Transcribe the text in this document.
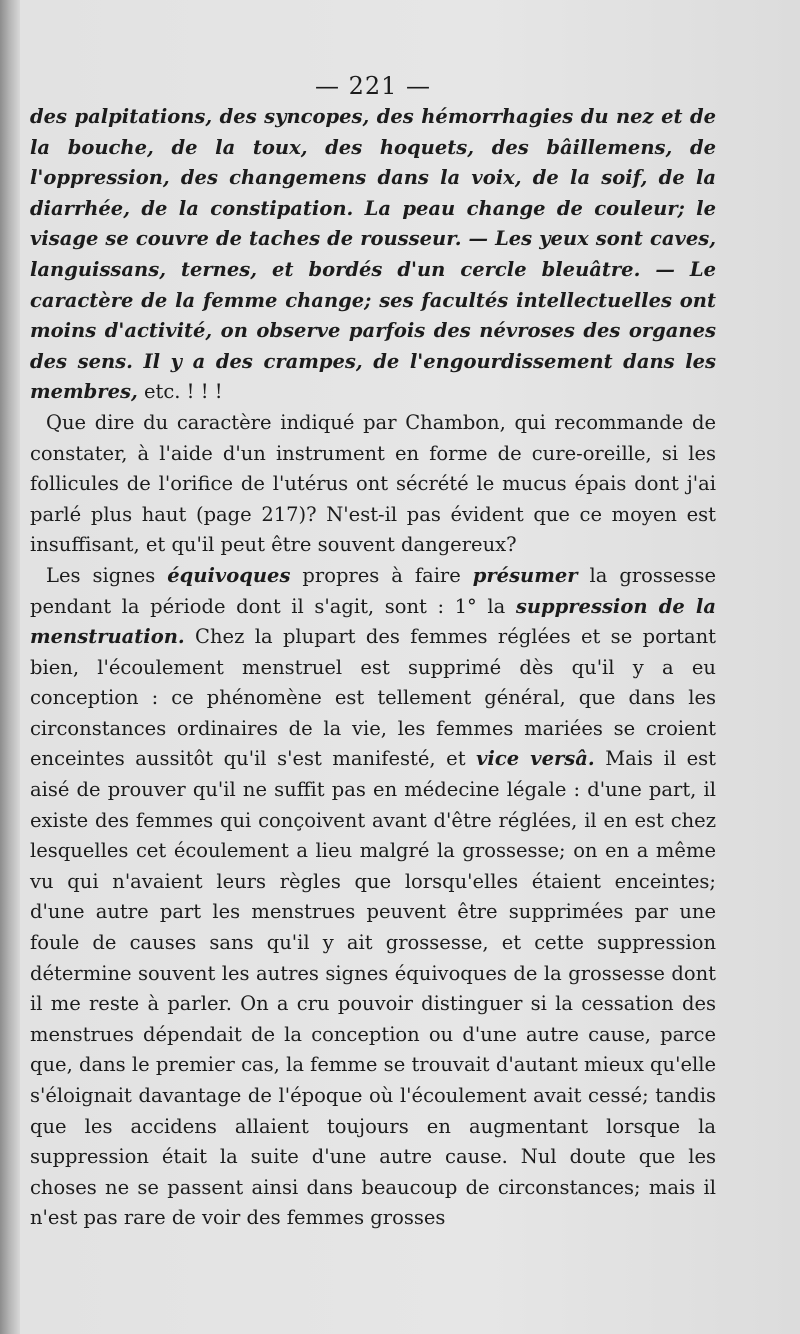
— 221 —

des palpitations, des syncopes, des hémorrhagies du nez et de la bouche, de la toux, des hoquets, des bâillemens, de l'oppression, des changemens dans la voix, de la soif, de la diarrhée, de la constipation. La peau change de couleur; le visage se couvre de taches de rousseur. — Les yeux sont caves, languissans, ternes, et bordés d'un cercle bleuâtre. — Le caractère de la femme change; ses facultés intellectuelles ont moins d'activité, on observe parfois des névroses des organes des sens. Il y a des crampes, de l'engourdissement dans les membres, etc. ! ! !

Que dire du caractère indiqué par Chambon, qui recommande de constater, à l'aide d'un instrument en forme de cure-oreille, si les follicules de l'orifice de l'utérus ont sécrété le mucus épais dont j'ai parlé plus haut (page 217)? N'est-il pas évident que ce moyen est insuffisant, et qu'il peut être souvent dangereux?

Les signes équivoques propres à faire présumer la grossesse pendant la période dont il s'agit, sont : 1° la suppression de la menstruation. Chez la plupart des femmes réglées et se portant bien, l'écoulement menstruel est supprimé dès qu'il y a eu conception : ce phénomène est tellement général, que dans les circonstances ordinaires de la vie, les femmes mariées se croient enceintes aussitôt qu'il s'est manifesté, et vice versâ. Mais il est aisé de prouver qu'il ne suffit pas en médecine légale : d'une part, il existe des femmes qui conçoivent avant d'être réglées, il en est chez lesquelles cet écoulement a lieu malgré la grossesse; on en a même vu qui n'avaient leurs règles que lorsqu'elles étaient enceintes; d'une autre part les menstrues peuvent être supprimées par une foule de causes sans qu'il y ait grossesse, et cette suppression détermine souvent les autres signes équivoques de la grossesse dont il me reste à parler. On a cru pouvoir distinguer si la cessation des menstrues dépendait de la conception ou d'une autre cause, parce que, dans le premier cas, la femme se trouvait d'autant mieux qu'elle s'éloignait davantage de l'époque où l'écoulement avait cessé; tandis que les accidens allaient toujours en augmentant lorsque la suppression était la suite d'une autre cause. Nul doute que les choses ne se passent ainsi dans beaucoup de circonstances; mais il n'est pas rare de voir des femmes grosses
